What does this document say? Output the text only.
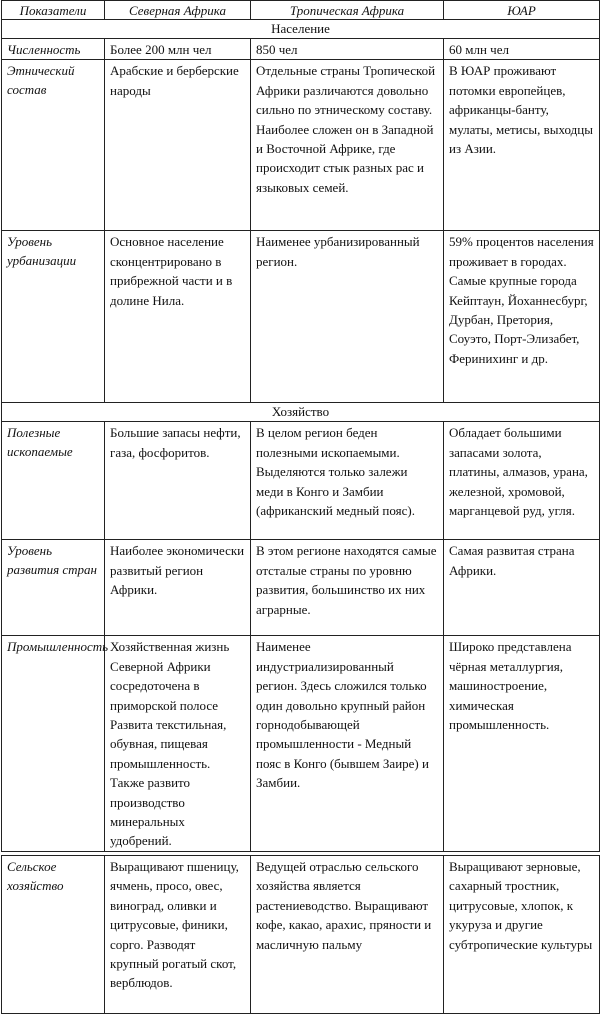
Показатели	Северная Африка	Тропическая Африка	ЮАР
Население			
Численность	Более 200 млн чел	850 чел	60 млн чел
Этнический состав	Арабские и берберские народы	Отдельные страны Тропической Африки различаются довольно сильно по этническому составу. Наиболее сложен он в Западной и Восточной Африке, где происходит стык разных рас и языковых семей.	В ЮАР проживают потомки европейцев, африканцы-банту, мулаты, метисы, выходцы из Азии.
Уровень урбанизации	Основное население сконцентрировано в прибрежной части и в долине Нила.	Наименее урбанизированный регион.	59% процентов населения проживает в городах. Самые крупные города Кейптаун, Йоханнесбург, Дурбан, Претория, Соуэто, Порт-Элизабет, Феринихинг и др.
Хозяйство			
Полезные ископаемые	Большие запасы нефти, газа, фосфоритов.	В целом регион беден полезными ископаемыми. Выделяются только залежи меди в Конго и Замбии (африканский медный пояс).	Обладает большими запасами золота, платины, алмазов, урана, железной, хромовой, марганцевой руд, угля.
Уровень развития стран	Наиболее экономически развитый регион Африки.	В этом регионе находятся самые отсталые страны по уровню развития, большинство их них аграрные.	Самая развитая страна Африки.
Промышленность	Хозяйственная жизнь Северной Африки сосредоточена в приморской полосе Развита текстильная, обувная, пищевая промышленность. Также развито производство минеральных удобрений.	Наименее индустриализированный регион. Здесь сложился только один довольно крупный район горнодобывающей промышленности - Медный пояс в Конго (бывшем Заире) и Замбии.	Широко представлена чёрная металлургия, машиностроение, химическая промышленность.
Сельское хозяйство	Выращивают пшеницу, ячмень, просо, овес, виноград, оливки и цитрусовые, финики, сорго. Разводят крупный рогатый скот, верблюдов.	Ведущей отраслью сельского хозяйства является растениеводство. Выращивают кофе, какао, арахис, пряности и масличную пальму	Выращивают зерновые, сахарный тростник, цитрусовые, хлопок, к укурузa и другие субтропические культуры
